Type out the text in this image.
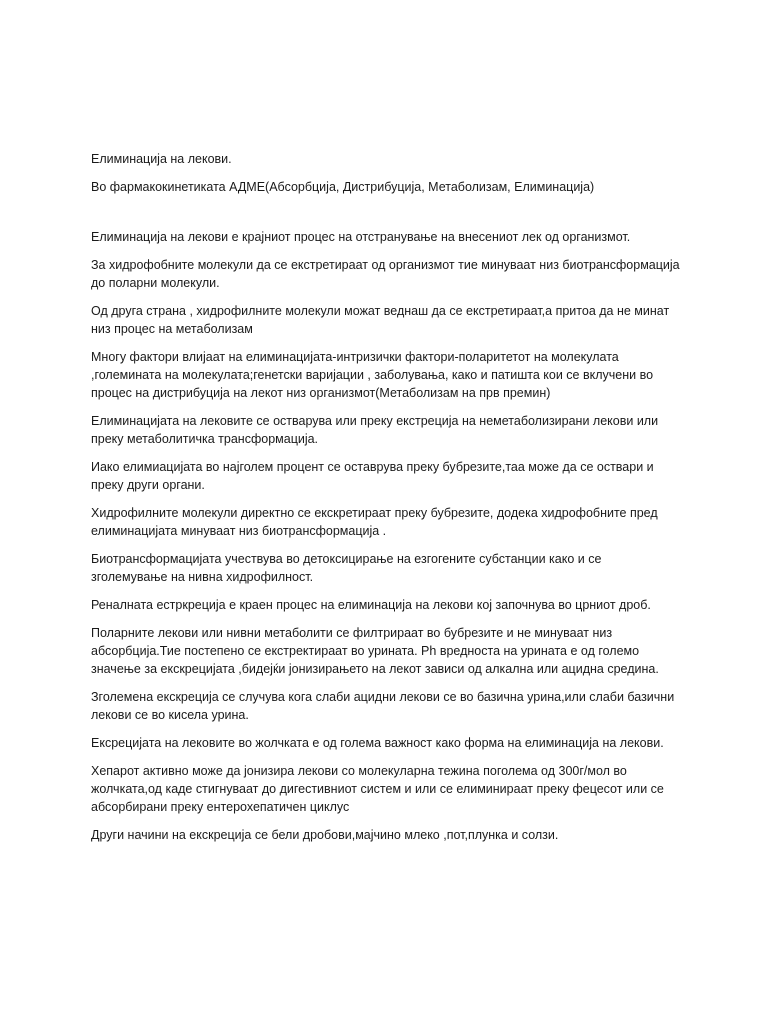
Елиминација на лекови.

Во фармакокинетиката АДМЕ(Абсорбција, Дистрибуција, Метаболизам, Елиминација)

Елиминација на лекови е крајниот процес на отстранување на внесениот лек од организмот.

За хидрофобните молекули да се екстретираат од организмот тие минуваат низ биотрансформација до поларни молекули.

Од друга страна , хидрофилните молекули можат веднаш да се екстретираат,а притоа да не минат низ процес на метаболизам

Многу фактори влијаат на елиминацијата-интризички фактори-поларитетот на молекулата ,големината на молекулата;генетски варијации , заболувања, како и патишта кои се вклучени во процес на дистрибуција на лекот низ организмот(Метаболизам на прв премин)

Елиминацијата на лековите се остварува или преку екстреција на неметаболизирани лекови или преку метаболитичка трансформација.

Иако елимиацијата во најголем процент се оставрува преку бубрезите,таа може да се оствари и преку други органи.

Хидрофилните молекули директно се екскретираат преку бубрезите, додека хидрофобните пред елиминацијата минуваат низ биотрансформација .

Биотрансформацијата учествува во детоксицирање на езгогените субстанции како и се зголемување на нивна хидрофилност.

Реналната естркреција е краен процес на елиминација на лекови кој започнува во црниот дроб.

Поларните лекови или нивни метаболити се филтрираат во бубрезите и не минуваат низ абсорбција.Тие постепено се екстректираат во урината. Ph вредноста на урината е од големо значење за екскрецијата ,бидејќи јонизирањето на лекот зависи од алкална или ацидна средина.

Зголемена екскреција се случува кога слаби ацидни лекови се во базична урина,или слаби базични лекови се во кисела урина.

Ексрецијата на лековите во жолчката е од голема важност како форма на елиминација на лекови.

Хепарот активно може да јонизира лекови со молекуларна тежина поголема од 300г/мол во жолчката,од каде стигнуваат до дигестивниот систем и или се елиминираат преку фецесот или се абсорбирани преку ентерохепатичен циклус

Други начини на екскреција се бели дробови,мајчино млеко ,пот,плунка и солзи.
